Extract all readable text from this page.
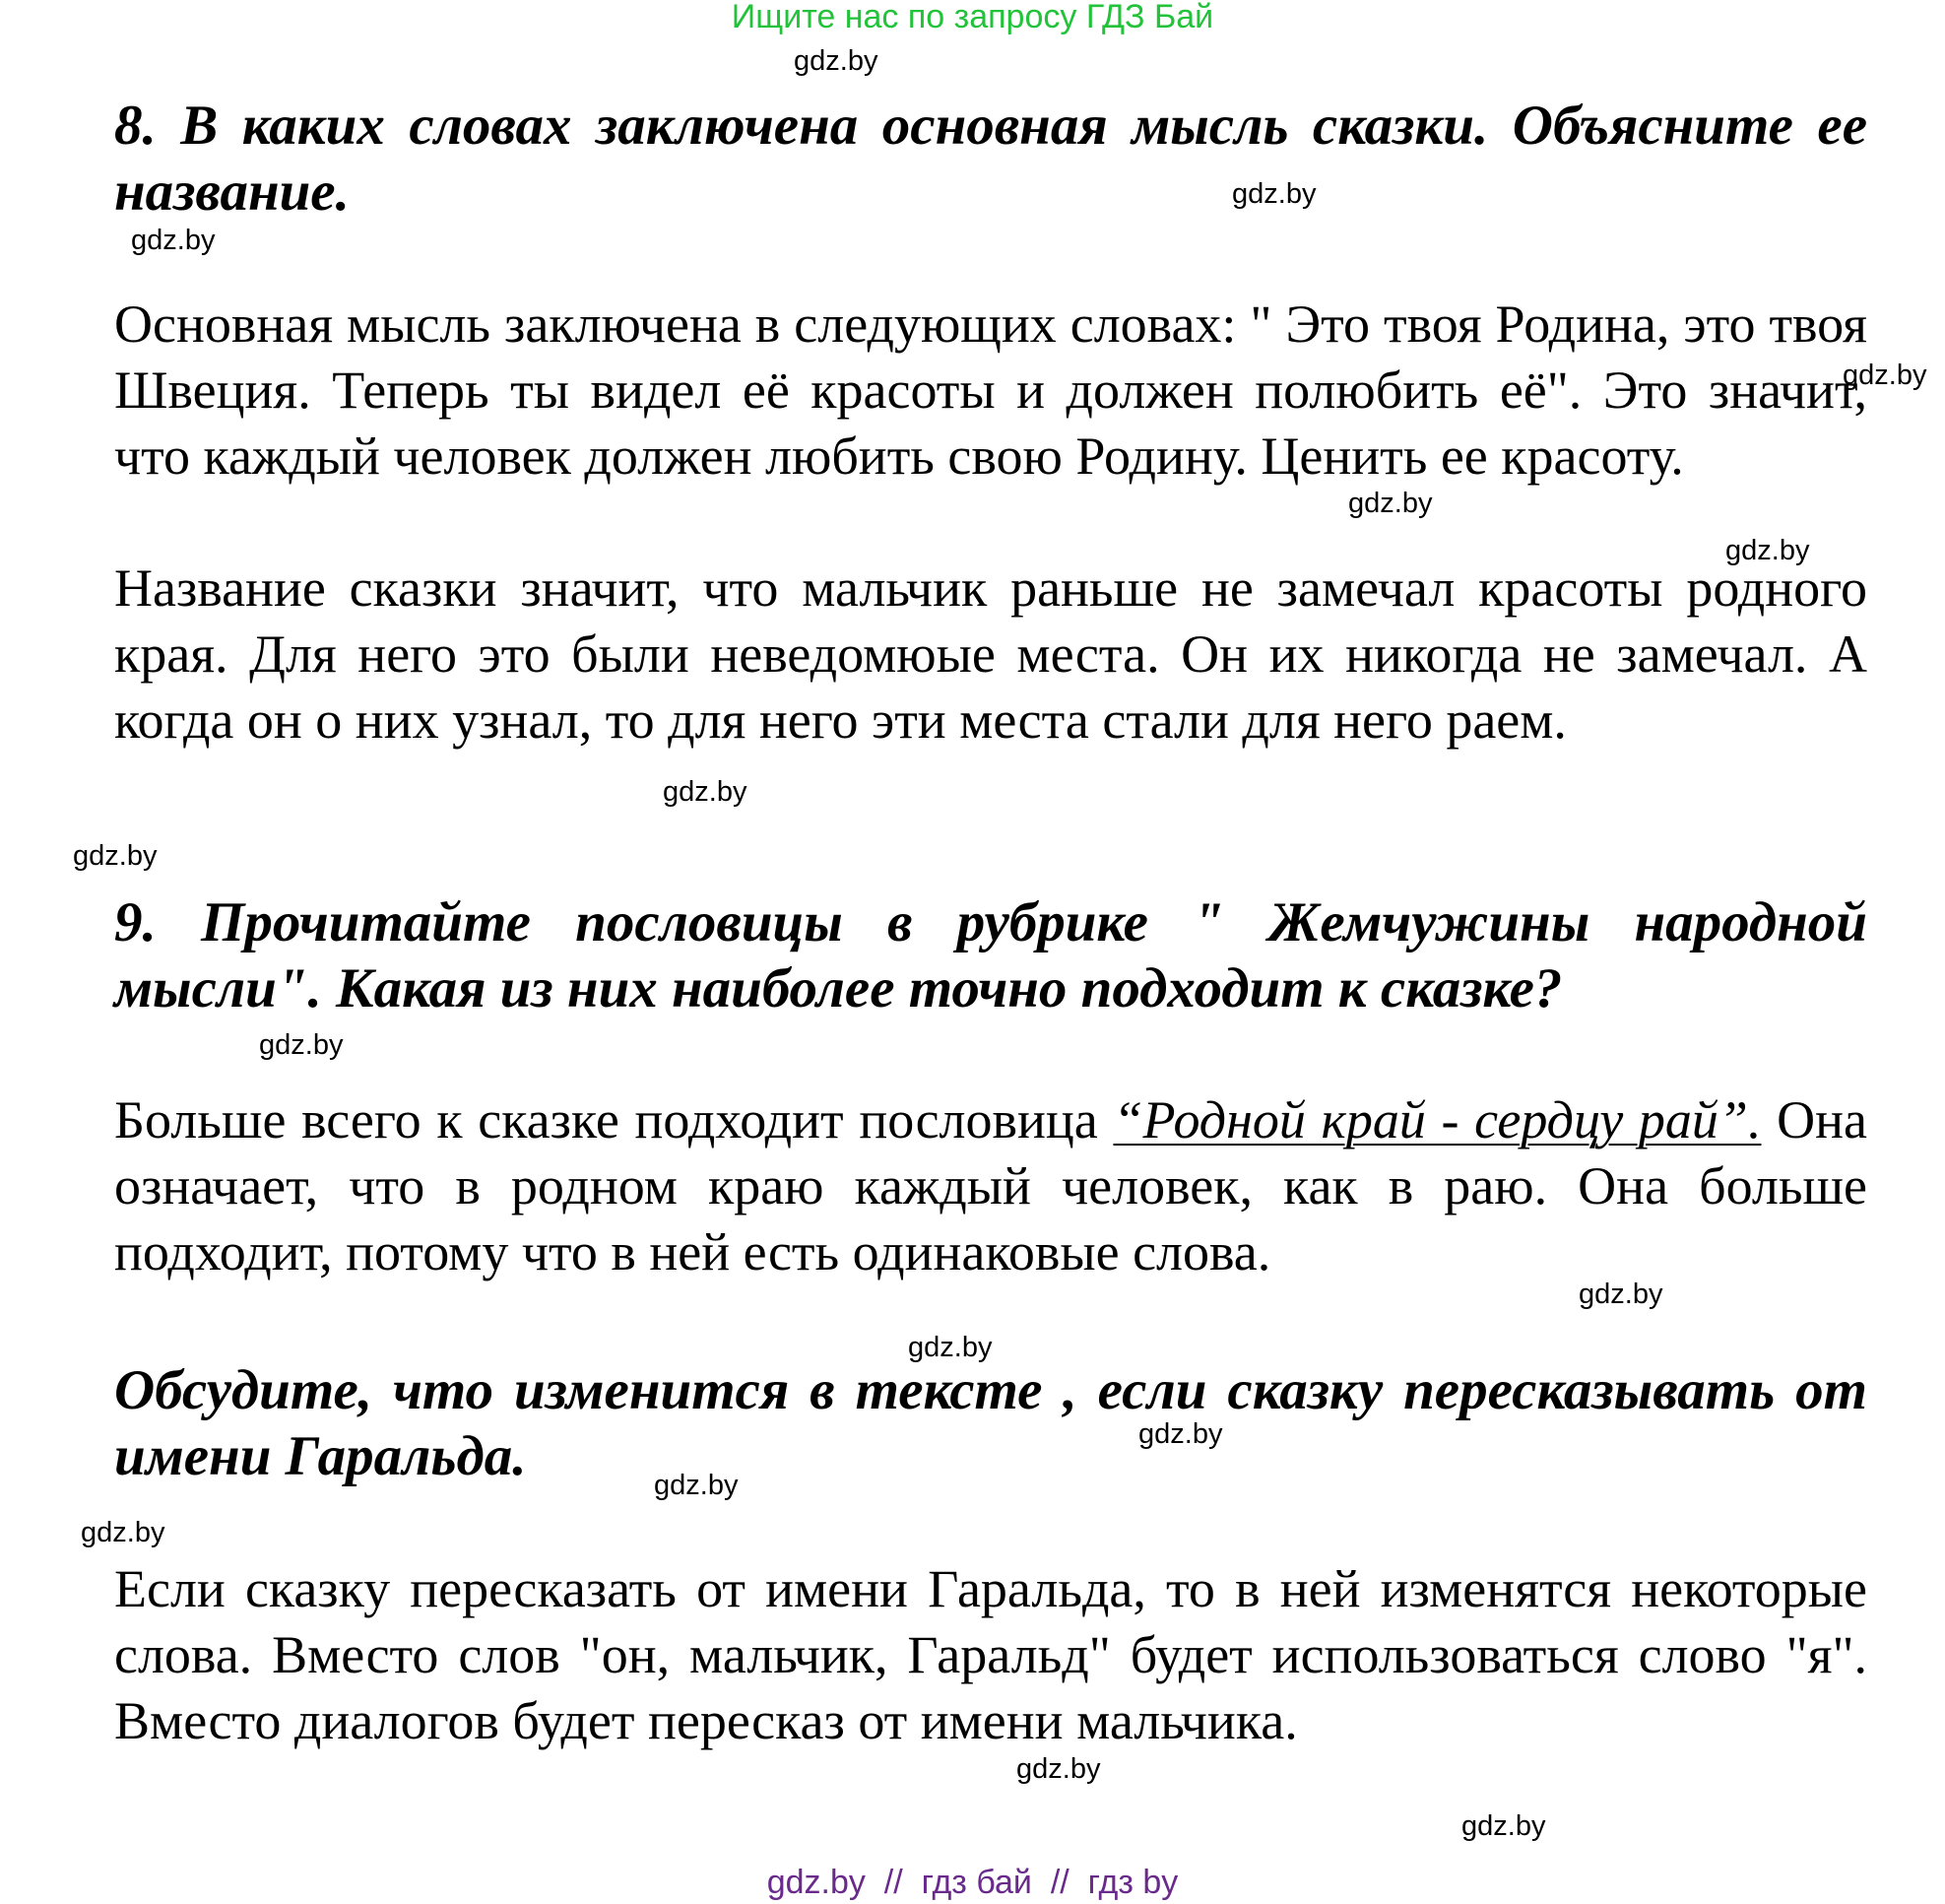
Ищите нас по запросу ГДЗ Бай
gdz.by
gdz.by
gdz.by
gdz.by
gdz.by
gdz.by
gdz.by
gdz.by
gdz.by
gdz.by
gdz.by
gdz.by
gdz.by
gdz.by
gdz.by
gdz.by

8. В каких словах заключена основная мысль сказки. Объясните ее название.

Основная мысль заключена в следующих словах: " Это твоя Родина, это твоя Швеция. Теперь ты видел её красоты и должен полюбить её". Это значит, что каждый человек должен любить свою Родину. Ценить ее красоту.

Название сказки значит, что мальчик раньше не замечал красоты родного края. Для него это были неведомюые места. Он их никогда не замечал. А когда он о них узнал, то для него эти места стали для него раем.

9. Прочитайте пословицы в рубрике " Жемчужины народной мысли". Какая из них наиболее точно подходит к сказке?

Больше всего к сказке подходит пословица “Родной край - сердцу рай”. Она означает, что в родном краю каждый человек, как в раю. Она больше подходит, потому что в ней есть одинаковые слова.

Обсудите, что изменится в тексте , если сказку пересказывать от имени Гаральда.

Если сказку пересказать от имени Гаральда, то в ней изменятся некоторые слова. Вместо слов "он, мальчик, Гаральд" будет использоваться слово "я". Вместо диалогов будет пересказ от имени мальчика.

gdz.by  //  гдз бай  //  гдз by
